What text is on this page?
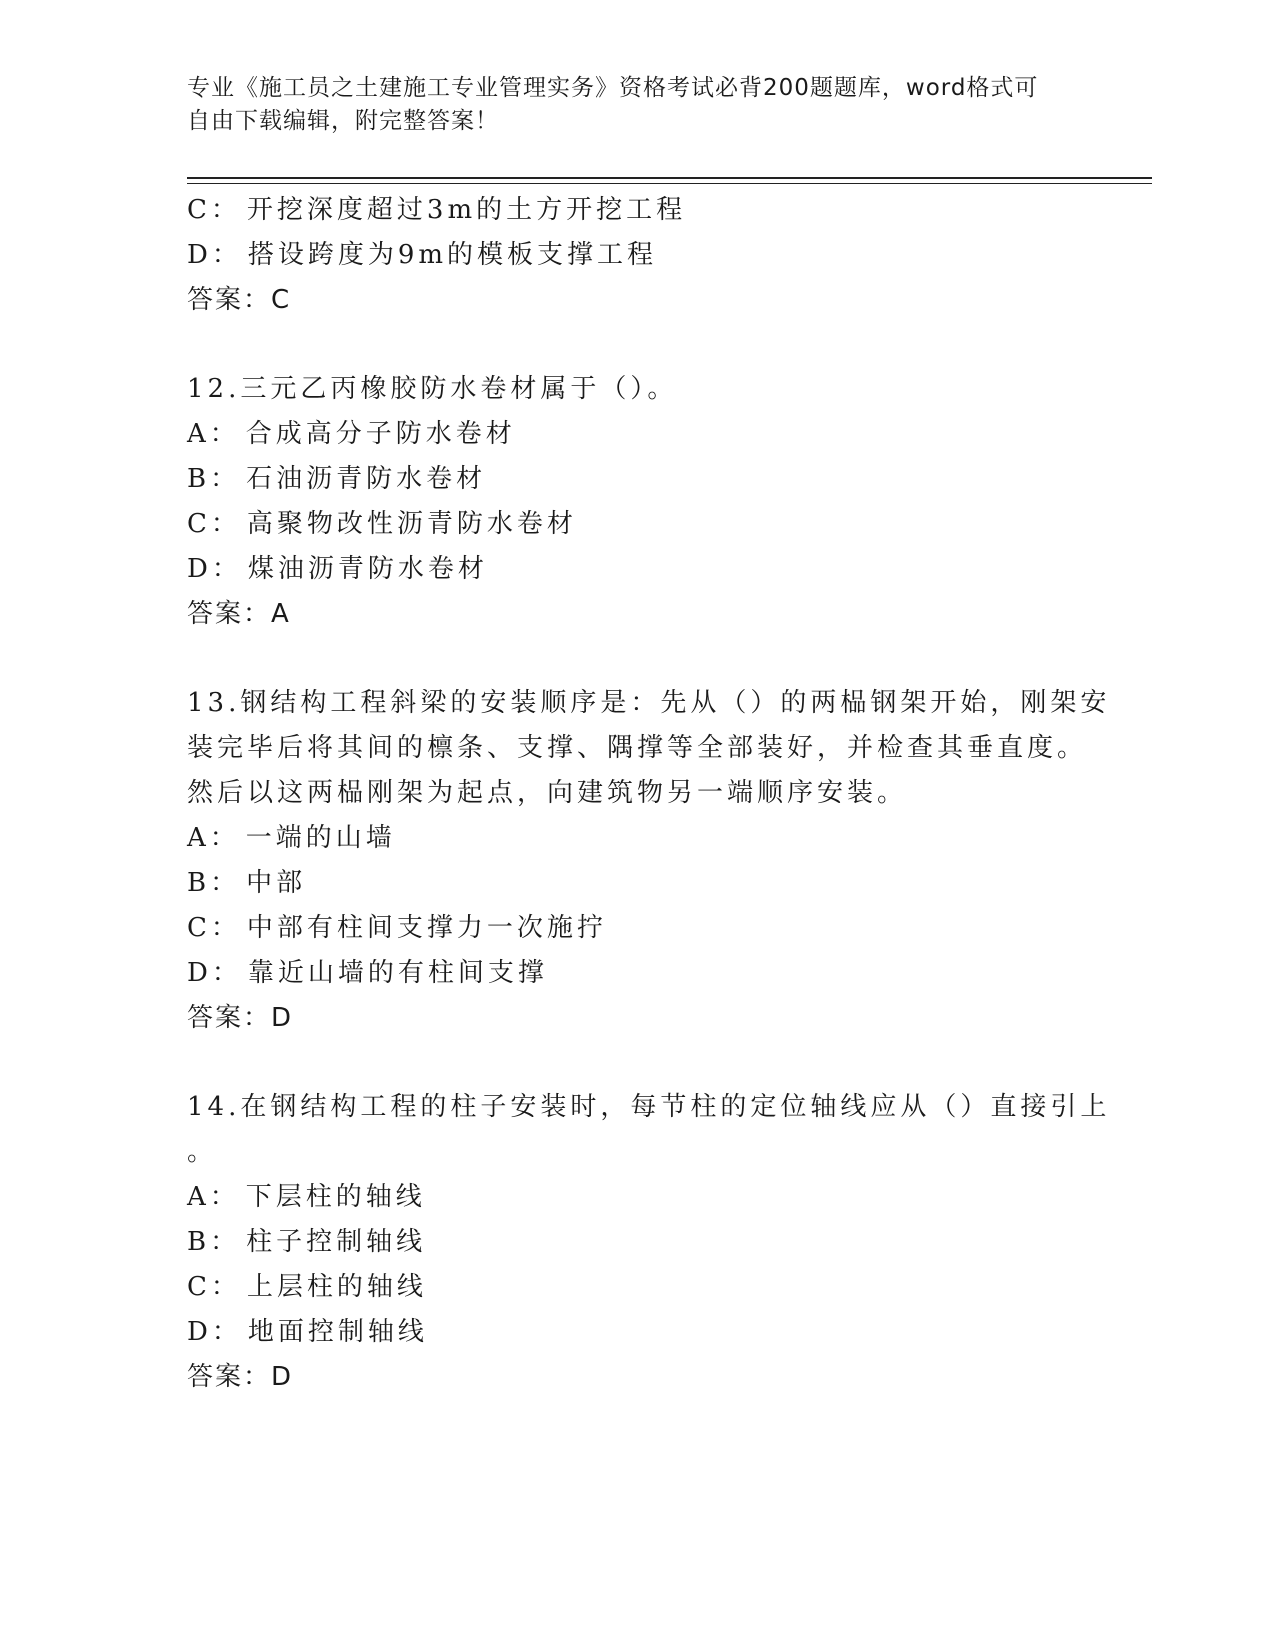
专业《施工员之土建施工专业管理实务》资格考试必背200题题库，word格式可
自由下载编辑，附完整答案！
C： 开挖深度超过3m的土方开挖工程
D： 搭设跨度为9m的模板支撑工程
答案：C
12.三元乙丙橡胶防水卷材属于（）。
A： 合成高分子防水卷材
B： 石油沥青防水卷材
C： 高聚物改性沥青防水卷材
D： 煤油沥青防水卷材
答案：A
13.钢结构工程斜梁的安装顺序是：先从（）的两榀钢架开始，刚架安
装完毕后将其间的檩条、支撑、隅撑等全部装好，并检查其垂直度。
然后以这两榀刚架为起点，向建筑物另一端顺序安装。
A： 一端的山墙
B： 中部
C： 中部有柱间支撑力一次施拧
D： 靠近山墙的有柱间支撑
答案：D
14.在钢结构工程的柱子安装时，每节柱的定位轴线应从（）直接引上
。
A： 下层柱的轴线
B： 柱子控制轴线
C： 上层柱的轴线
D： 地面控制轴线
答案：D
